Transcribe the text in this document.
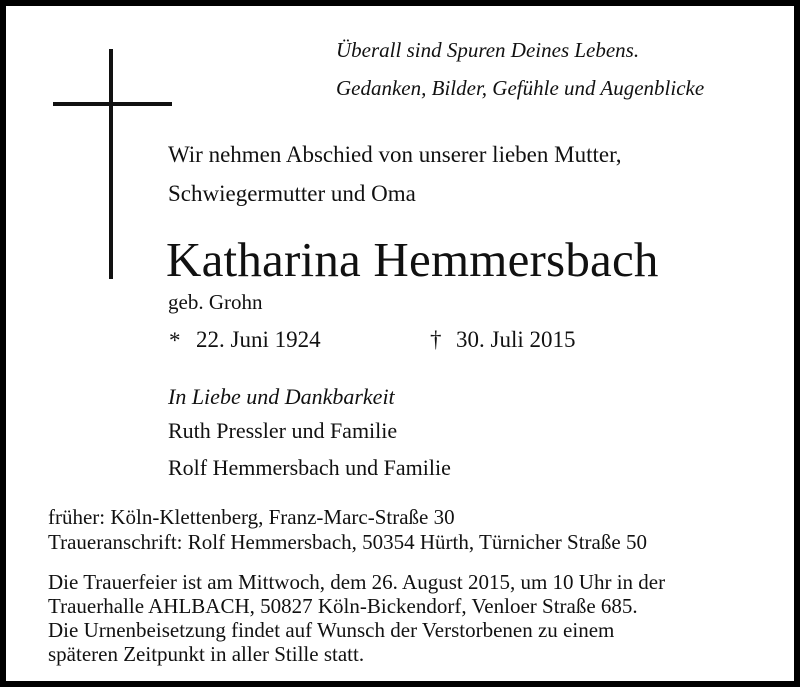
Überall sind Spuren Deines Lebens.
Gedanken, Bilder, Gefühle und Augenblicke
Wir nehmen Abschied von unserer lieben Mutter,
Schwiegermutter und Oma
Katharina Hemmersbach
geb. Grohn
* 22. Juni 1924	† 30. Juli 2015
In Liebe und Dankbarkeit
Ruth Pressler und Familie
Rolf Hemmersbach und Familie
früher: Köln-Klettenberg, Franz-Marc-Straße 30
Traueranschrift: Rolf Hemmersbach, 50354 Hürth, Türnicher Straße 50
Die Trauerfeier ist am Mittwoch, dem 26. August 2015, um 10 Uhr in der
Trauerhalle AHLBACH, 50827 Köln-Bickendorf, Venloer Straße 685.
Die Urnenbeisetzung findet auf Wunsch der Verstorbenen zu einem
späteren Zeitpunkt in aller Stille statt.
